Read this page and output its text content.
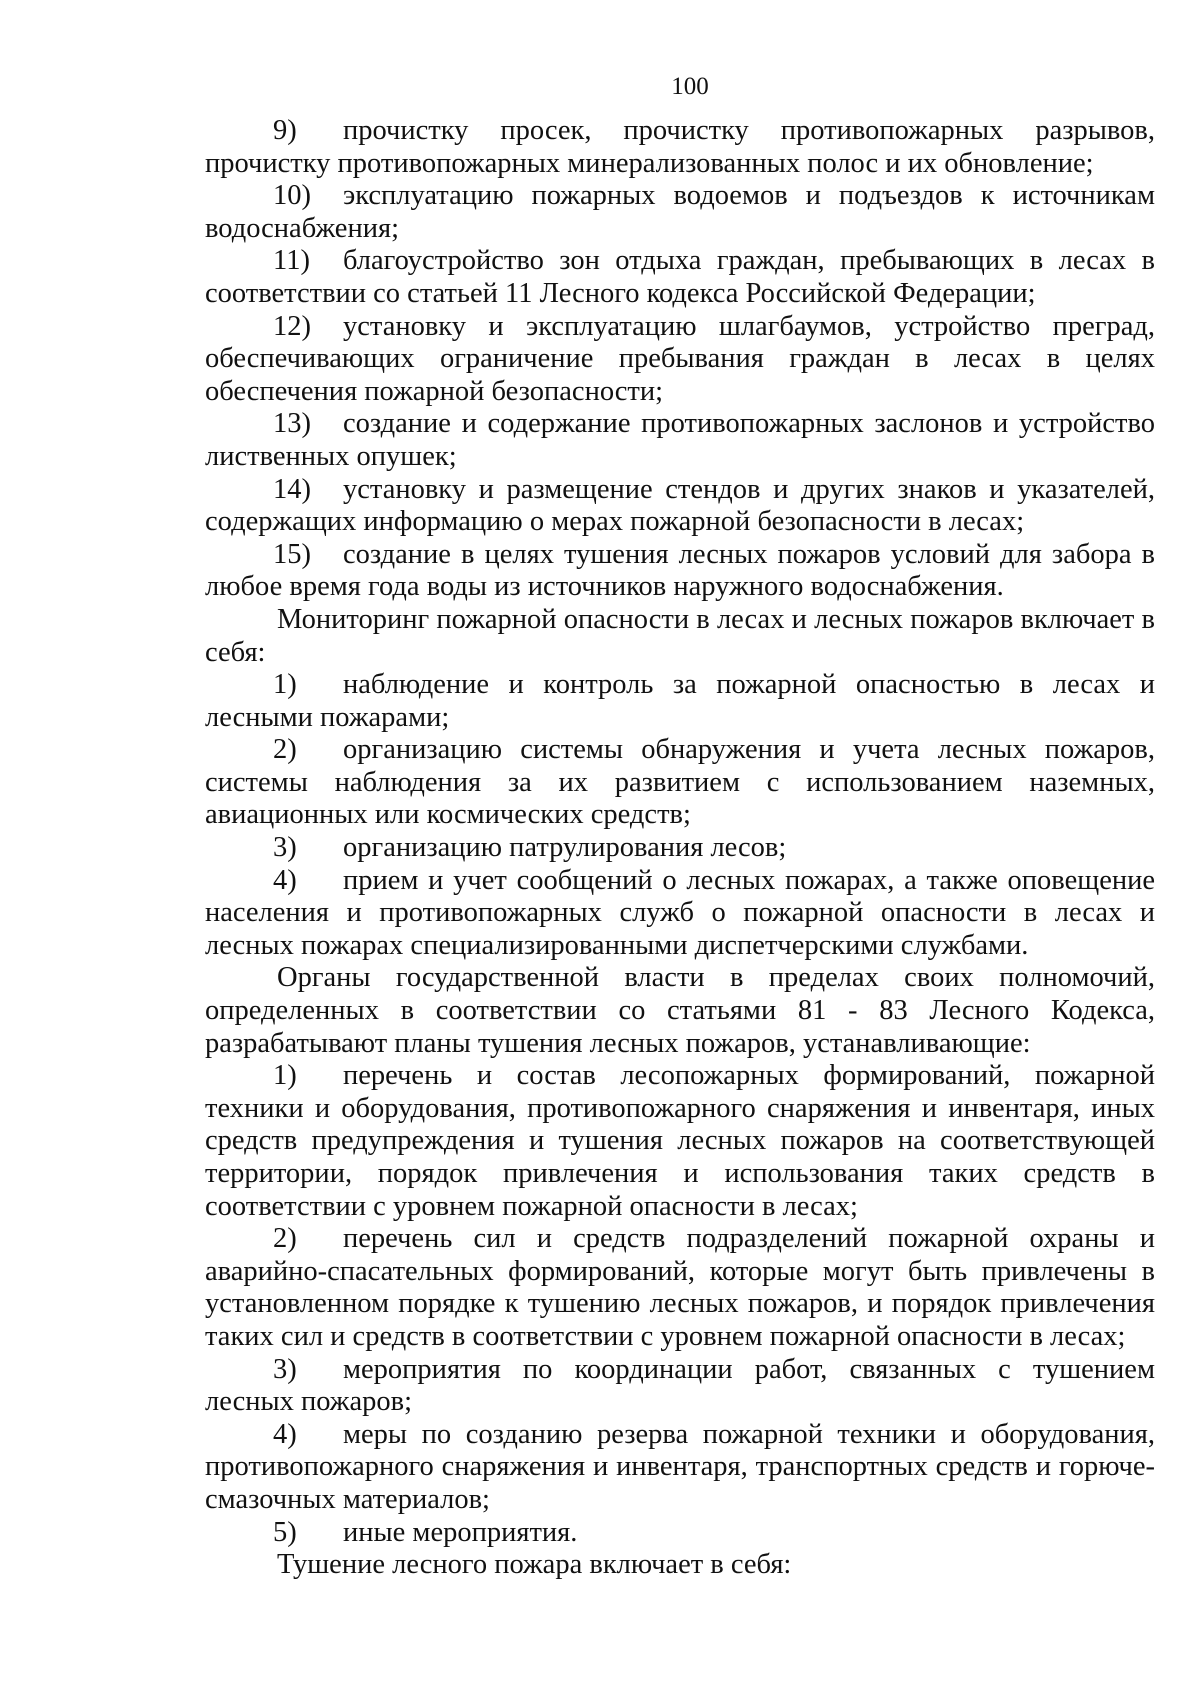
100

9) прочистку просек, прочистку противопожарных разрывов, прочистку противопожарных минерализованных полос и их обновление;

10) эксплуатацию пожарных водоемов и подъездов к источникам водоснабжения;

11) благоустройство зон отдыха граждан, пребывающих в лесах в соответствии со статьей 11 Лесного кодекса Российской Федерации;

12) установку и эксплуатацию шлагбаумов, устройство преград, обеспечивающих ограничение пребывания граждан в лесах в целях обеспечения пожарной безопасности;

13) создание и содержание противопожарных заслонов и устройство лиственных опушек;

14) установку и размещение стендов и других знаков и указателей, содержащих информацию о мерах пожарной безопасности в лесах;

15) создание в целях тушения лесных пожаров условий для забора в любое время года воды из источников наружного водоснабжения.

Мониторинг пожарной опасности в лесах и лесных пожаров включает в себя:

1) наблюдение и контроль за пожарной опасностью в лесах и лесными пожарами;

2) организацию системы обнаружения и учета лесных пожаров, системы наблюдения за их развитием с использованием наземных, авиационных или космических средств;

3) организацию патрулирования лесов;

4) прием и учет сообщений о лесных пожарах, а также оповещение населения и противопожарных служб о пожарной опасности в лесах и лесных пожарах специализированными диспетчерскими службами.

Органы государственной власти в пределах своих полномочий, определенных в соответствии со статьями 81 - 83 Лесного Кодекса, разрабатывают планы тушения лесных пожаров, устанавливающие:

1) перечень и состав лесопожарных формирований, пожарной техники и оборудования, противопожарного снаряжения и инвентаря, иных средств предупреждения и тушения лесных пожаров на соответствующей территории, порядок привлечения и использования таких средств в соответствии с уровнем пожарной опасности в лесах;

2) перечень сил и средств подразделений пожарной охраны и аварийно-спасательных формирований, которые могут быть привлечены в установленном порядке к тушению лесных пожаров, и порядок привлечения таких сил и средств в соответствии с уровнем пожарной опасности в лесах;

3) мероприятия по координации работ, связанных с тушением лесных пожаров;

4) меры по созданию резерва пожарной техники и оборудования, противопожарного снаряжения и инвентаря, транспортных средств и горюче-смазочных материалов;

5) иные мероприятия.

Тушение лесного пожара включает в себя:
